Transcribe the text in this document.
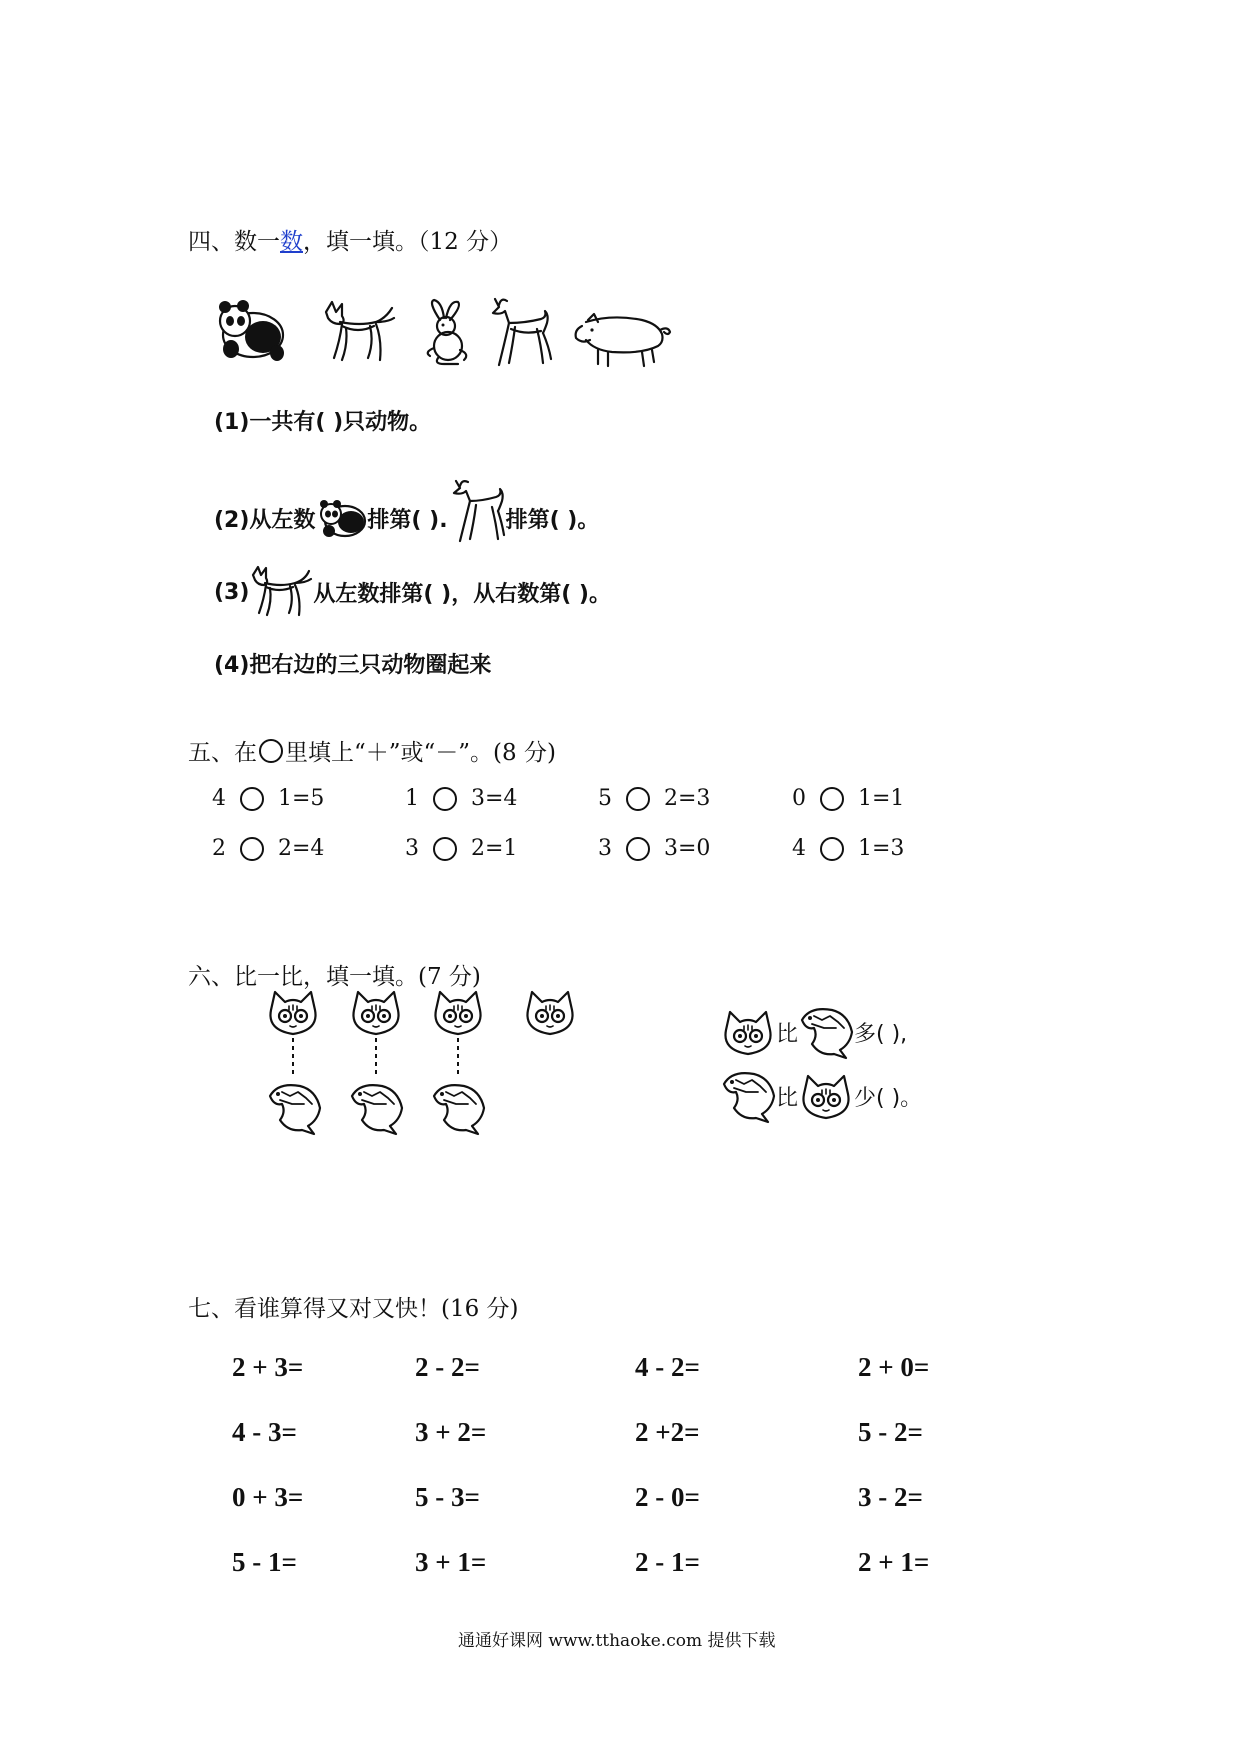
四、数一数，填一填。（12 分）
(1)一共有( )只动物。
(2)从左数 排第( ).	排第( )。
(3)	从左数排第( )，从右数第( )。
(4)把右边的三只动物圈起来
五、在 里填上“＋”或“－”。(8 分)
4 1=5	1 3=4	5 2=3	0 1=1
2 2=4	3 2=1	3 3=0	4 1=3
六、比一比，填一填。(7 分)
比	多( ),
比	少( )。
七、看谁算得又对又快！(16 分)
2 + 3=	2 - 2=	4 - 2=	2 + 0=
4 - 3=	3 + 2=	2 +2=	5 - 2=
0 + 3=	5 - 3=	2 - 0=	3 - 2=
5 - 1=	3 + 1=	2 - 1=	2 + 1=
通通好课网 www.tthaoke.com 提供下载
